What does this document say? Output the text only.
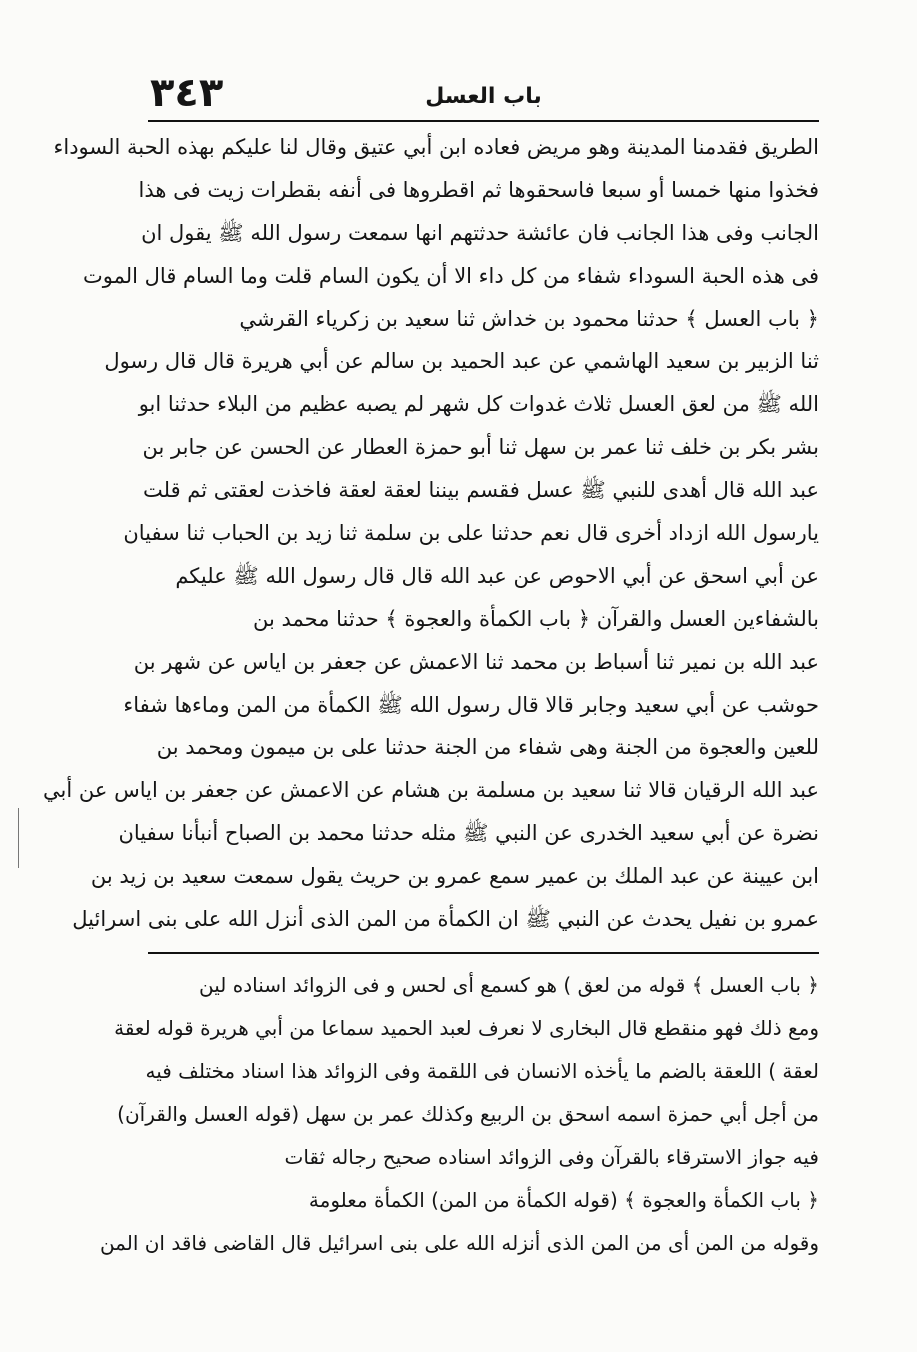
٣٤٣	باب العسل
الطريق فقدمنا المدينة وهو مريض فعاده ابن أبي عتيق وقال لنا عليكم بهذه الحبة السوداء
فخذوا منها خمسا أو سبعا فاسحقوها ثم اقطروها فى أنفه بقطرات زيت فى هذا
الجانب وفى هذا الجانب فان عائشة حدثتهم انها سمعت رسول الله ﷺ يقول ان
فى هذه الحبة السوداء شفاء من كل داء الا أن يكون السام قلت وما السام قال الموت
﴿ باب العسل ﴾ حدثنا محمود بن خداش ثنا سعيد بن زكرياء القرشي
ثنا الزبير بن سعيد الهاشمي عن عبد الحميد بن سالم عن أبي هريرة قال قال رسول
الله ﷺ من لعق العسل ثلاث غدوات كل شهر لم يصبه عظيم من البلاء حدثنا ابو
بشر بكر بن خلف ثنا عمر بن سهل ثنا أبو حمزة العطار عن الحسن عن جابر بن
عبد الله قال أهدى للنبي ﷺ عسل فقسم بيننا لعقة لعقة فاخذت لعقتى ثم قلت
يارسول الله ازداد أخرى قال نعم حدثنا على بن سلمة ثنا زيد بن الحباب ثنا سفيان
عن أبي اسحق عن أبي الاحوص عن عبد الله قال قال رسول الله ﷺ عليكم
بالشفاءين العسل والقرآن ﴿ باب الكمأة والعجوة ﴾ حدثنا محمد بن
عبد الله بن نمير ثنا أسباط بن محمد ثنا الاعمش عن جعفر بن اياس عن شهر بن
حوشب عن أبي سعيد وجابر قالا قال رسول الله ﷺ الكمأة من المن وماءها شفاء
للعين والعجوة من الجنة وهى شفاء من الجنة حدثنا على بن ميمون ومحمد بن
عبد الله الرقيان قالا ثنا سعيد بن مسلمة بن هشام عن الاعمش عن جعفر بن اياس عن أبي
نضرة عن أبي سعيد الخدرى عن النبي ﷺ مثله حدثنا محمد بن الصباح أنبأنا سفيان
ابن عيينة عن عبد الملك بن عمير سمع عمرو بن حريث يقول سمعت سعيد بن زيد بن
عمرو بن نفيل يحدث عن النبي ﷺ ان الكمأة من المن الذى أنزل الله على بنى اسرائيل
﴿ باب العسل ﴾ قوله من لعق ) هو كسمع أى لحس و فى الزوائد اسناده لين
ومع ذلك فهو منقطع قال البخارى لا نعرف لعبد الحميد سماعا من أبي هريرة قوله لعقة
لعقة ) اللعقة بالضم ما يأخذه الانسان فى اللقمة وفى الزوائد هذا اسناد مختلف فيه
من أجل أبي حمزة اسمه اسحق بن الربيع وكذلك عمر بن سهل (قوله العسل والقرآن)
فيه جواز الاسترقاء بالقرآن وفى الزوائد اسناده صحيح رجاله ثقات
﴿ باب الكمأة والعجوة ﴾ (قوله الكمأة من المن) الكمأة معلومة
وقوله من المن أى من المن الذى أنزله الله على بنى اسرائيل قال القاضى فاقد ان المن
